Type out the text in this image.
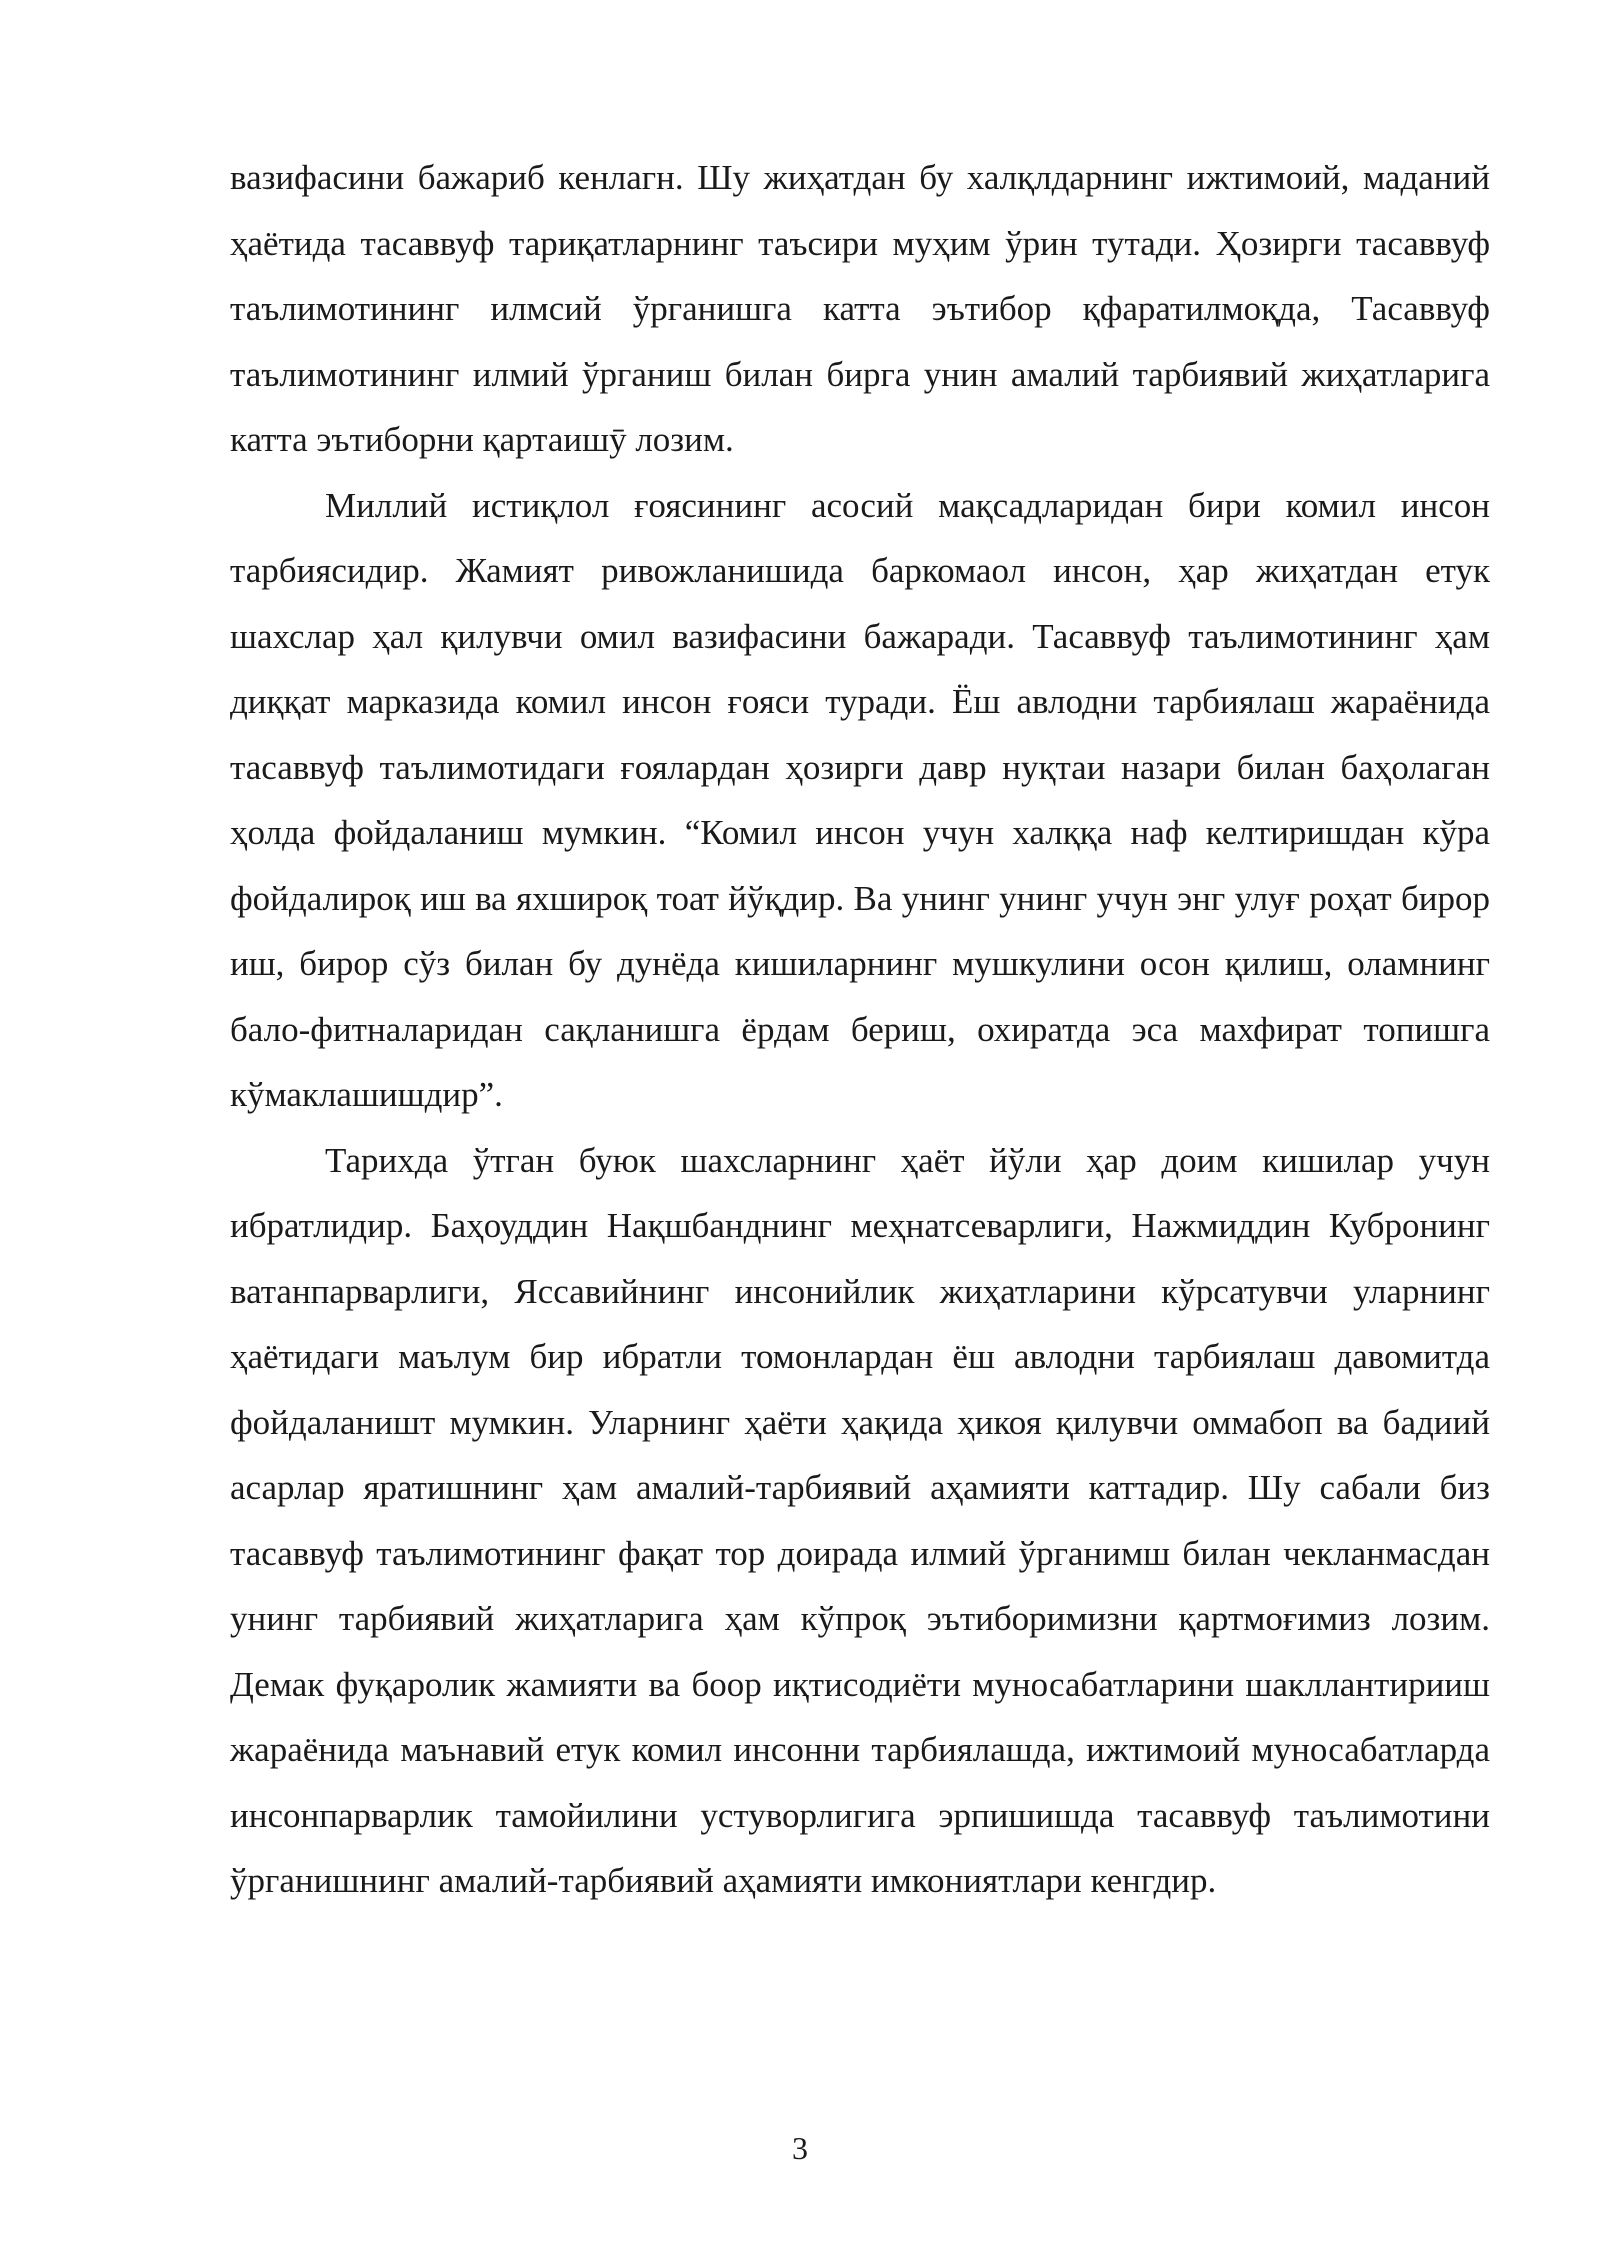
вазифасини бажариб кенлагн. Шу жиҳатдан бу халқлдарнинг ижтимоий, маданий ҳаётида тасаввуф тариқатларнинг таъсири муҳим ўрин тутади. Ҳозирги тасаввуф таълимотининг илмсий ўрганишга катта эътибор қфаратилмоқда, Тасаввуф таълимотининг илмий ўрганиш билан бирга унин амалий тарбиявий жиҳатларига катта эътиборни қартаишӯ лозим.

Миллий истиқлол ғоясининг асосий мақсадларидан бири комил инсон тарбиясидир. Жамият ривожланишида баркомаол инсон, ҳар жиҳатдан етук шахслар ҳал қилувчи омил вазифасини бажаради. Тасаввуф таълимотининг ҳам диққат марказида комил инсон ғояси туради. Ёш авлодни тарбиялаш жараёнида тасаввуф таълимотидаги ғоялардан ҳозирги давр нуқтаи назари билан баҳолаган ҳолда фойдаланиш мумкин. “Комил инсон учун халққа наф келтиришдан кўра фойдалироқ иш ва яхшироқ тоат йўқдир. Ва унинг унинг учун энг улуғ роҳат бирор иш, бирор сўз билан бу дунёда кишиларнинг мушкулини осон қилиш, оламнинг бало-фитналаридан сақланишга ёрдам бериш, охиратда эса махфират топишга кўмаклашишдир”.

Тарихда ўтган буюк шахсларнинг ҳаёт йўли ҳар доим кишилар учун ибратлидир. Баҳоуддин Нақшбанднинг меҳнатсеварлиги, Нажмиддин Кубронинг ватанпарварлиги, Яссавийнинг инсонийлик жиҳатларини кўрсатувчи уларнинг ҳаётидаги маълум бир ибратли томонлардан ёш авлодни тарбиялаш давомитда фойдаланишт мумкин. Уларнинг ҳаёти ҳақида ҳикоя қилувчи оммабоп ва бадиий асарлар яратишнинг ҳам амалий-тарбиявий аҳамияти каттадир. Шу сабали биз тасаввуф таълимотининг фақат тор доирада илмий ўрганимш билан чекланмасдан унинг тарбиявий жиҳатларига ҳам кўпроқ эътиборимизни қартмоғимиз лозим. Демак фуқаролик жамияти ва боор иқтисодиёти муносабатларини шакллантирииш жараёнида маънавий етук комил инсонни тарбиялашда, ижтимоий муносабатларда инсонпарварлик тамойилини устуворлигига эрпишишда тасаввуф таълимотини ўрганишнинг амалий-тарбиявий аҳамияти имкониятлари кенгдир.

3
